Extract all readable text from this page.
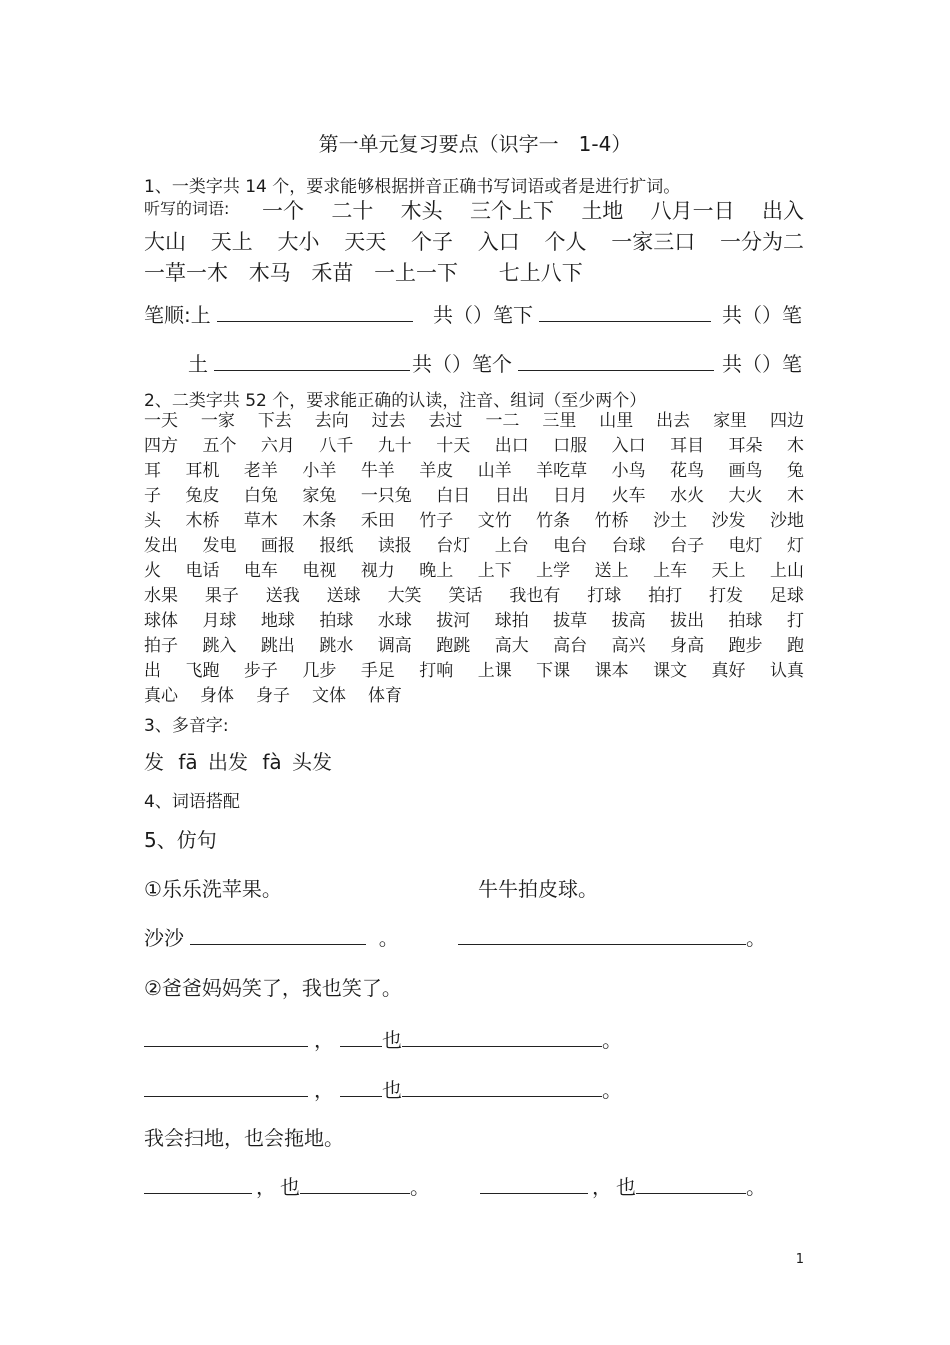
第一单元复习要点（识字一　1-4）
1、一类字共 14 个，要求能够根据拼音正确书写词语或者是进行扩词。
听写的词语: 一个 二十 木头 三个上下 土地 八月一日 出入
大山 天上 大小 天天 个子 入口 个人 一家三口 一分为二
一草一木 木马 禾苗 一上一下 七上八下
笔顺:上	共（）笔下	共（）笔
土	共（）笔个	共（）笔
2、二类字共 52 个，要求能正确的认读，注音、组词（至少两个）
一天 一家 下去 去向 过去 去过 一二 三里 山里 出去 家里 四边
四方 五个 六月 八千 九十 十天 出口 口服 入口 耳目 耳朵 木
耳 耳机 老羊 小羊 牛羊 羊皮 山羊 羊吃草 小鸟 花鸟 画鸟 兔
子 兔皮 白兔 家兔 一只兔 白日 日出 日月 火车 水火 大火 木
头 木桥 草木 木条 禾田 竹子 文竹 竹条 竹桥 沙土 沙发 沙地
发出 发电 画报 报纸 读报 台灯 上台 电台 台球 台子 电灯 灯
火 电话 电车 电视 视力 晚上 上下 上学 送上 上车 天上 上山
水果 果子 送我 送球 大笑 笑话 我也有 打球 拍打 打发 足球
球体 月球 地球 拍球 水球 拔河 球拍 拔草 拔高 拔出 拍球 打
拍子 跳入 跳出 跳水 调高 跑跳 高大 高台 高兴 身高 跑步 跑
出 飞跑 步子 几步 手足 打响 上课 下课 课本 课文 真好 认真
真心 身体 身子 文体 体育
3、多音字:
发 fā 出发 fà 头发
4、词语搭配
5、仿句
①乐乐洗苹果。	牛牛拍皮球。
沙沙	。	。
②爸爸妈妈笑了，我也笑了。
， 也	。
， 也	。
我会扫地，也会拖地。
， 也	。	， 也	。
1
